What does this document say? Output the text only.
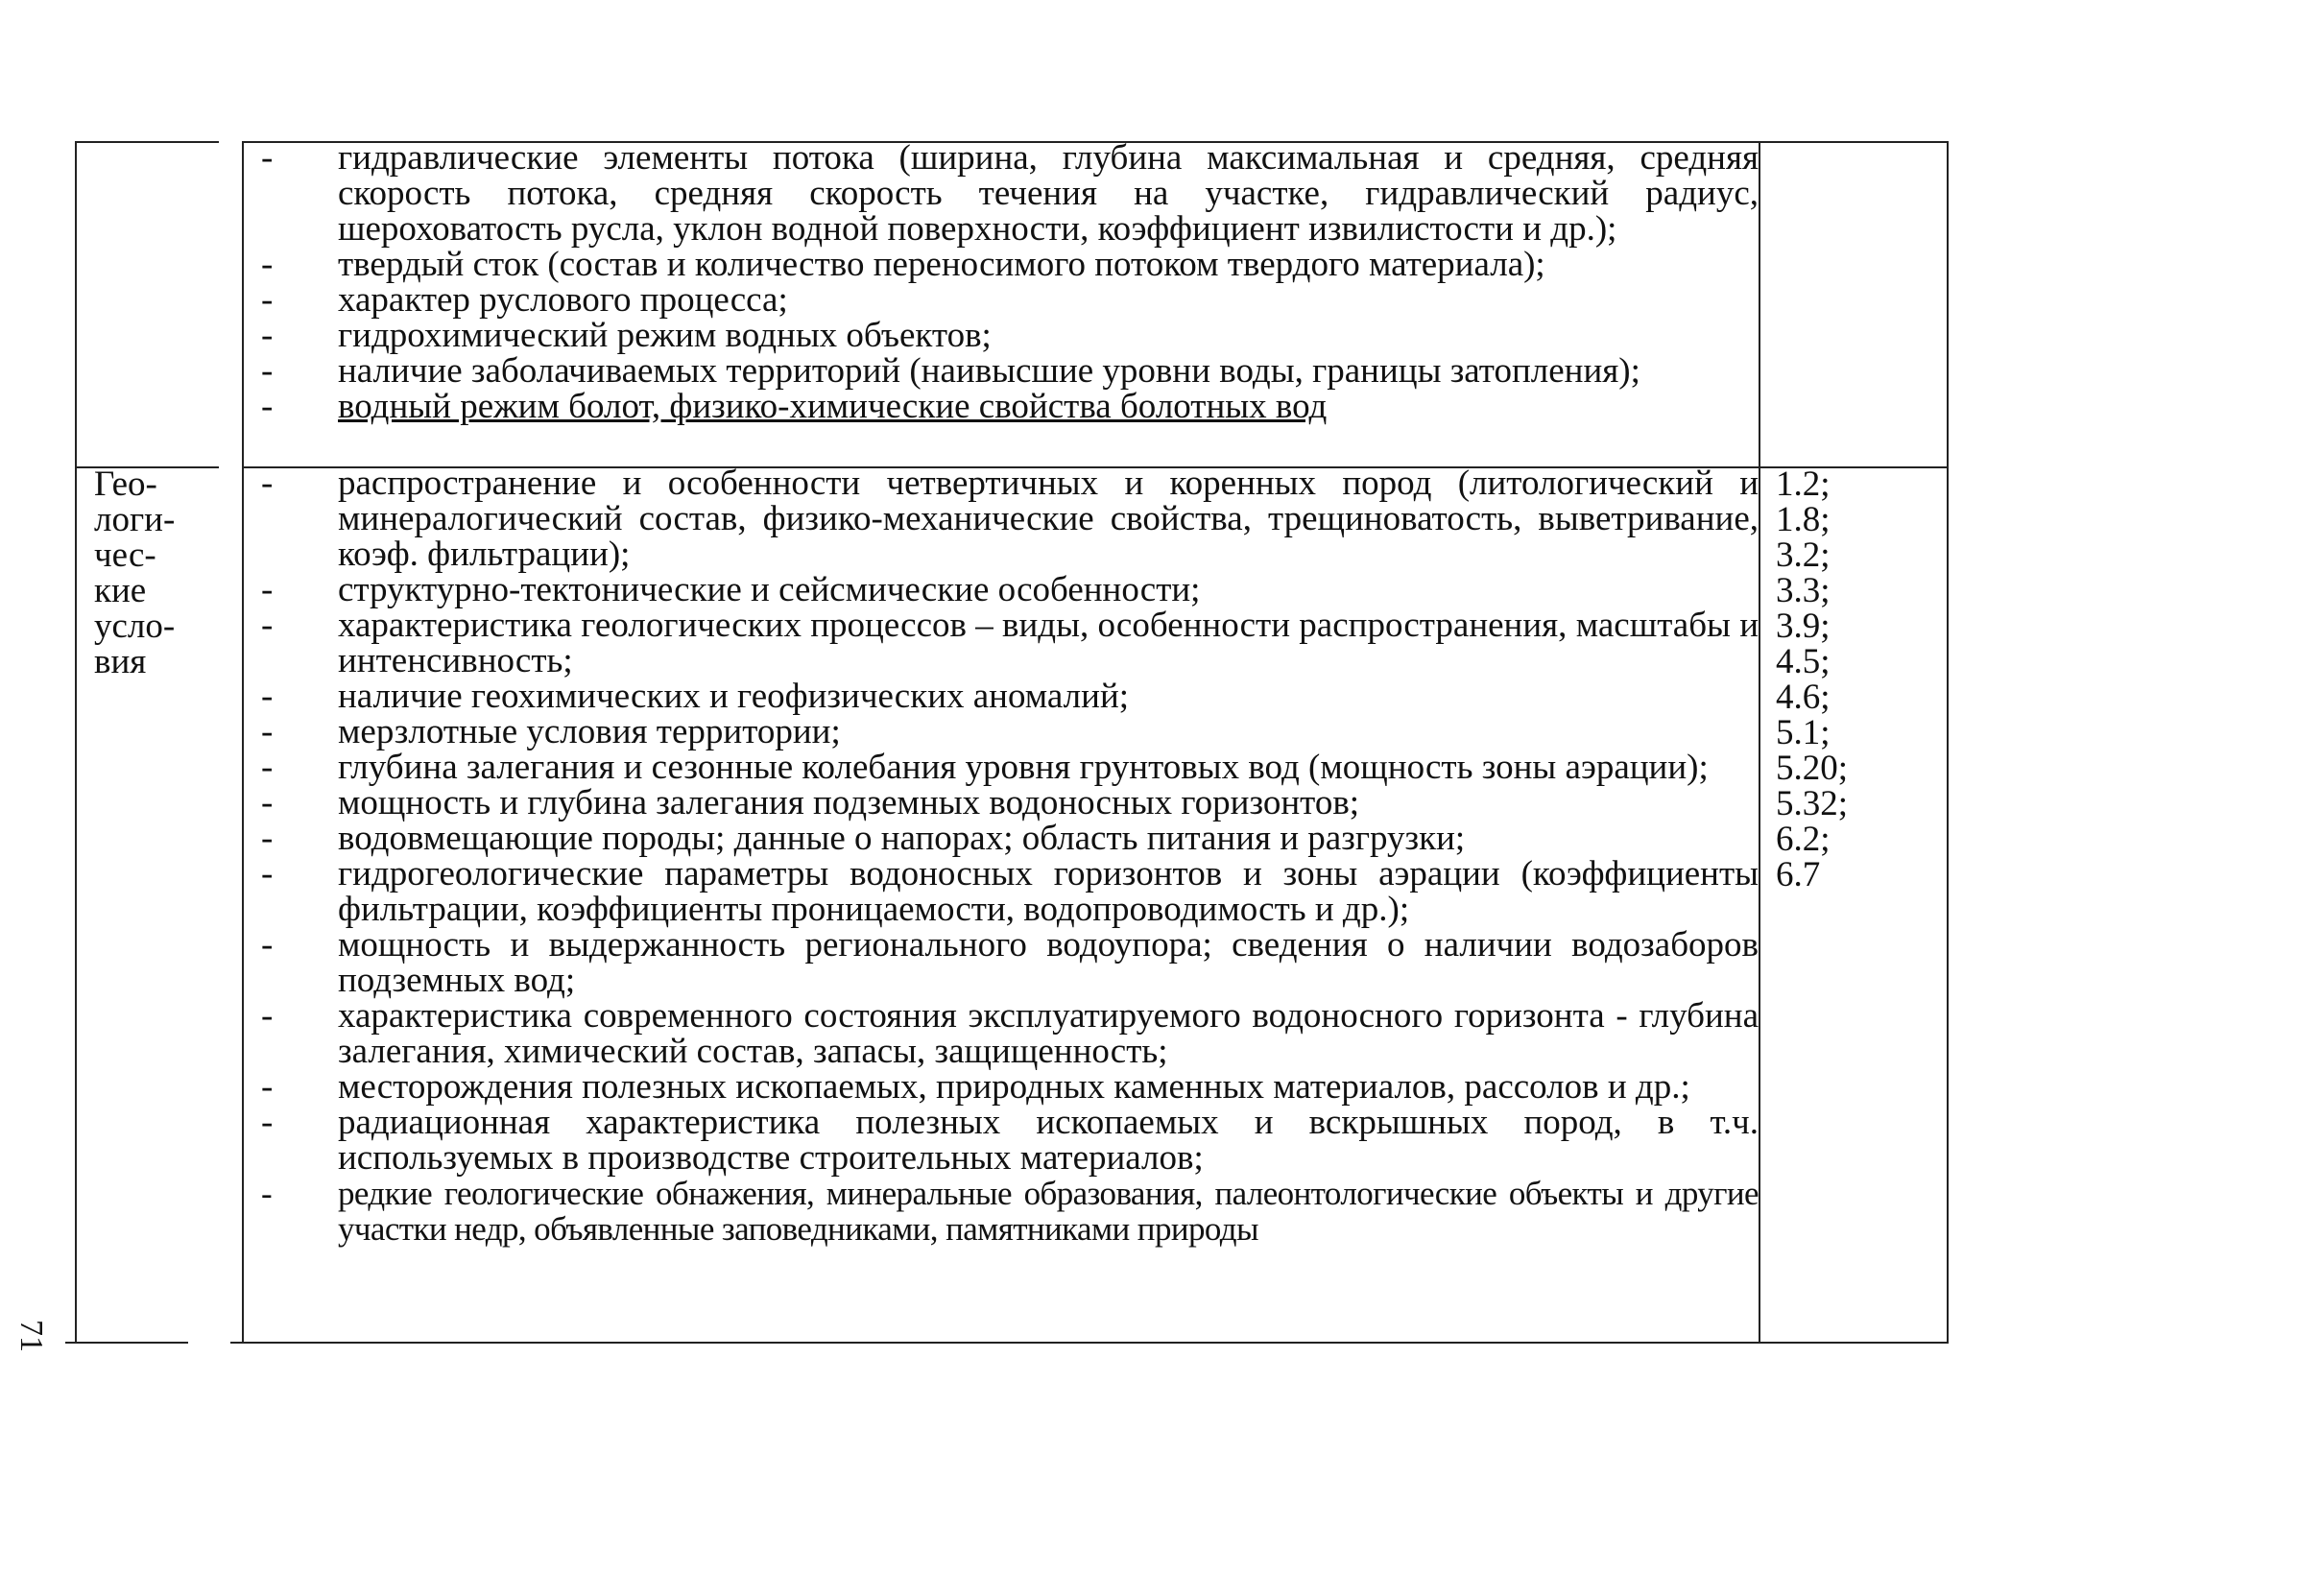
- гидравлические элементы потока (ширина, глубина максимальная и средняя, средняя скорость потока, средняя скорость течения на участке, гидравлический радиус, шероховатость русла, уклон водной поверхности, коэффициент извилистости и др.);
- твердый сток (состав и количество переносимого потоком твердого материала);
- характер руслового процесса;
- гидрохимический режим водных объектов;
- наличие заболачиваемых территорий (наивысшие уровни воды, границы затопления);
- водный режим болот, физико-химические свойства болотных вод
Гео-
логи-
чес-
кие
усло-
вия
- распространение и особенности четвертичных и коренных пород (литологический и минералогический состав, физико-механические свойства, трещиноватость, выветривание, коэф. фильтрации);
- структурно-тектонические и сейсмические особенности;
- характеристика геологических процессов – виды, особенности распространения, масштабы и интенсивность;
- наличие геохимических и геофизических аномалий;
- мерзлотные условия территории;
- глубина залегания и сезонные колебания уровня грунтовых вод (мощность зоны аэрации);
- мощность и глубина залегания подземных водоносных горизонтов;
- водовмещающие породы; данные о напорах; область питания и разгрузки;
- гидрогеологические параметры водоносных горизонтов и зоны аэрации (коэффициенты фильтрации, коэффициенты проницаемости, водопроводимость и др.);
- мощность и выдержанность регионального водоупора; сведения о наличии водозаборов подземных вод;
- характеристика современного состояния эксплуатируемого водоносного горизонта - глубина залегания, химический состав, запасы, защищенность;
- месторождения полезных ископаемых, природных каменных материалов, рассолов и др.;
- радиационная характеристика полезных ископаемых и вскрышных пород, в т.ч. используемых в производстве строительных материалов;
- редкие геологические обнажения, минеральные образования, палеонтологические объекты и другие участки недр, объявленные заповедниками, памятниками природы
1.2;
1.8;
3.2;
3.3;
3.9;
4.5;
4.6;
5.1;
5.20;
5.32;
6.2;
6.7
71
